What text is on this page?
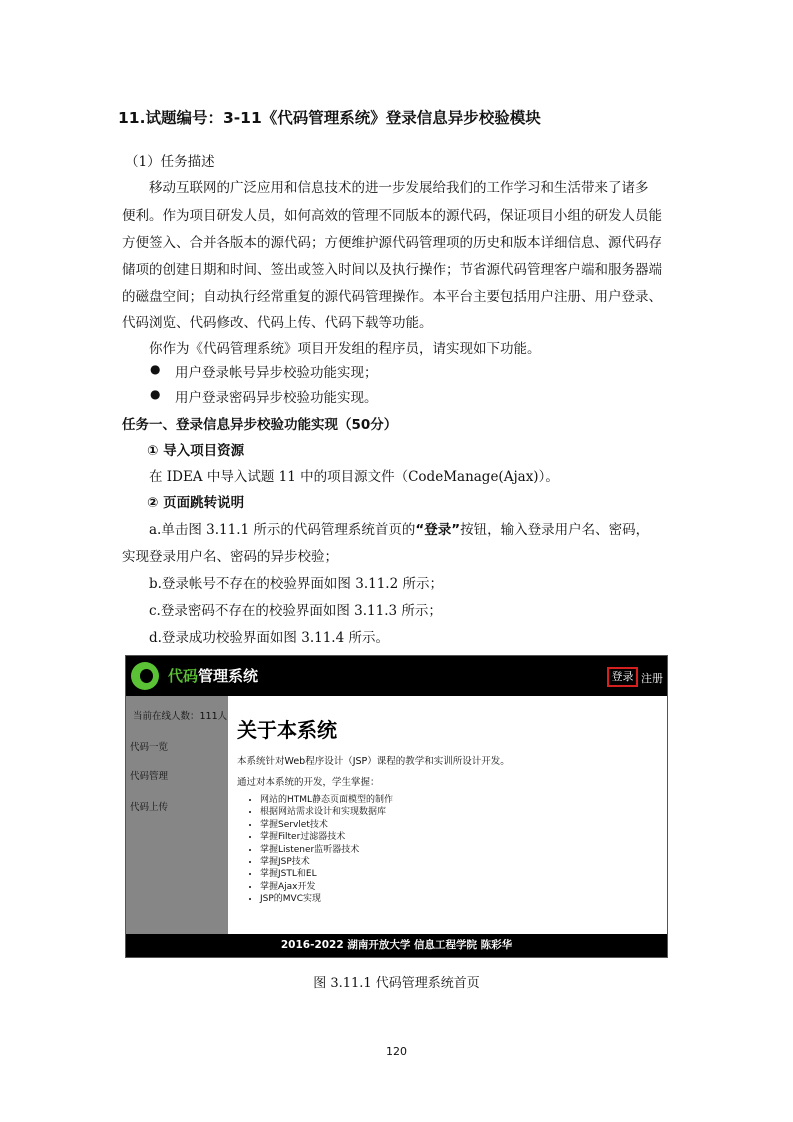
11.试题编号：3-11《代码管理系统》登录信息异步校验模块
（1）任务描述
移动互联网的广泛应用和信息技术的进一步发展给我们的工作学习和生活带来了诸多
便利。作为项目研发人员，如何高效的管理不同版本的源代码，保证项目小组的研发人员能
方便签入、合并各版本的源代码；方便维护源代码管理项的历史和版本详细信息、源代码存
储项的创建日期和时间、签出或签入时间以及执行操作；节省源代码管理客户端和服务器端
的磁盘空间；自动执行经常重复的源代码管理操作。本平台主要包括用户注册、用户登录、
代码浏览、代码修改、代码上传、代码下载等功能。
你作为《代码管理系统》项目开发组的程序员，请实现如下功能。
● 用户登录帐号异步校验功能实现；
● 用户登录密码异步校验功能实现。
任务一、登录信息异步校验功能实现（50分）
① 导入项目资源
在 IDEA 中导入试题 11 中的项目源文件（CodeManage(Ajax)）。
② 页面跳转说明
a.单击图 3.11.1 所示的代码管理系统首页的“登录”按钮，输入登录用户名、密码，
实现登录用户名、密码的异步校验；
b.登录帐号不存在的校验界面如图 3.11.2 所示；
c.登录密码不存在的校验界面如图 3.11.3 所示；
d.登录成功校验界面如图 3.11.4 所示。
代码管理系统	登录 注册
当前在线人数：111人
代码一览
代码管理
代码上传
关于本系统
本系统针对Web程序设计（JSP）课程的教学和实训所设计开发。
通过对本系统的开发，学生掌握：
• 网站的HTML静态页面模型的制作
• 根据网站需求设计和实现数据库
• 掌握Servlet技术
• 掌握Filter过滤器技术
• 掌握Listener监听器技术
• 掌握JSP技术
• 掌握JSTL和EL
• 掌握Ajax开发
• JSP的MVC实现
2016-2022 湖南开放大学 信息工程学院 陈彩华
图 3.11.1 代码管理系统首页
120
